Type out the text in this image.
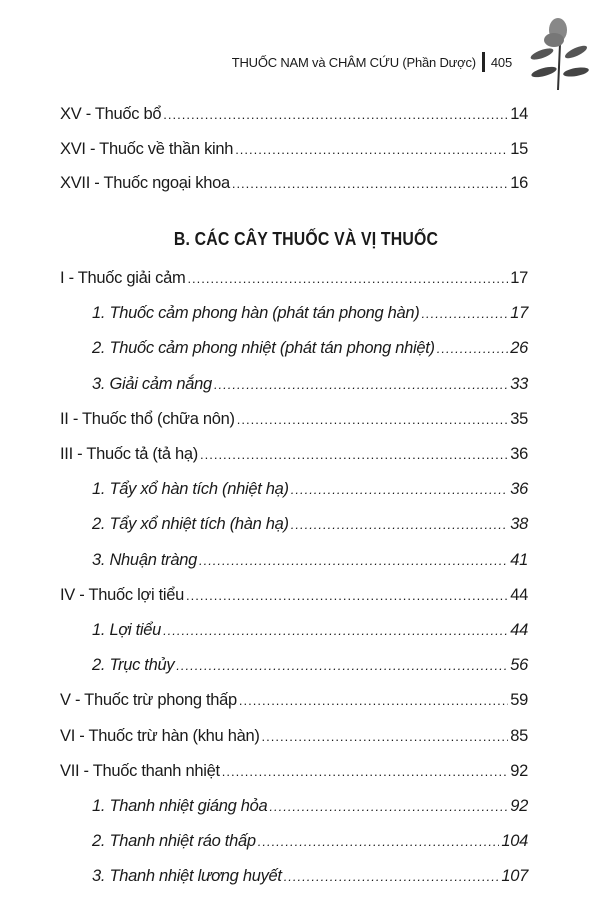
THUỐC NAM và CHÂM CỨU (Phần Dược) 405
XV - Thuốc bổ .....	14
XVI - Thuốc về thần kinh .....	15
XVII - Thuốc ngoại khoa .....	16
B. CÁC CÂY THUỐC VÀ VỊ THUỐC
I - Thuốc giải cảm .....	17
1. Thuốc cảm phong hàn (phát tán phong hàn) .....	17
2. Thuốc cảm phong nhiệt (phát tán phong nhiệt) .....	26
3. Giải cảm nắng .....	33
II - Thuốc thổ (chữa nôn) .....	35
III - Thuốc tả (tả hạ) .....	36
1. Tẩy xổ hàn tích (nhiệt hạ) .....	36
2. Tẩy xổ nhiệt tích (hàn hạ) .....	38
3. Nhuận tràng .....	41
IV - Thuốc lợi tiểu .....	44
1. Lợi tiểu .....	44
2. Trục thủy .....	56
V - Thuốc trừ phong thấp .....	59
VI - Thuốc trừ hàn (khu hàn) .....	85
VII - Thuốc thanh nhiệt .....	92
1. Thanh nhiệt giáng hỏa .....	92
2. Thanh nhiệt ráo thấp .....	104
3. Thanh nhiệt lương huyết .....	107
